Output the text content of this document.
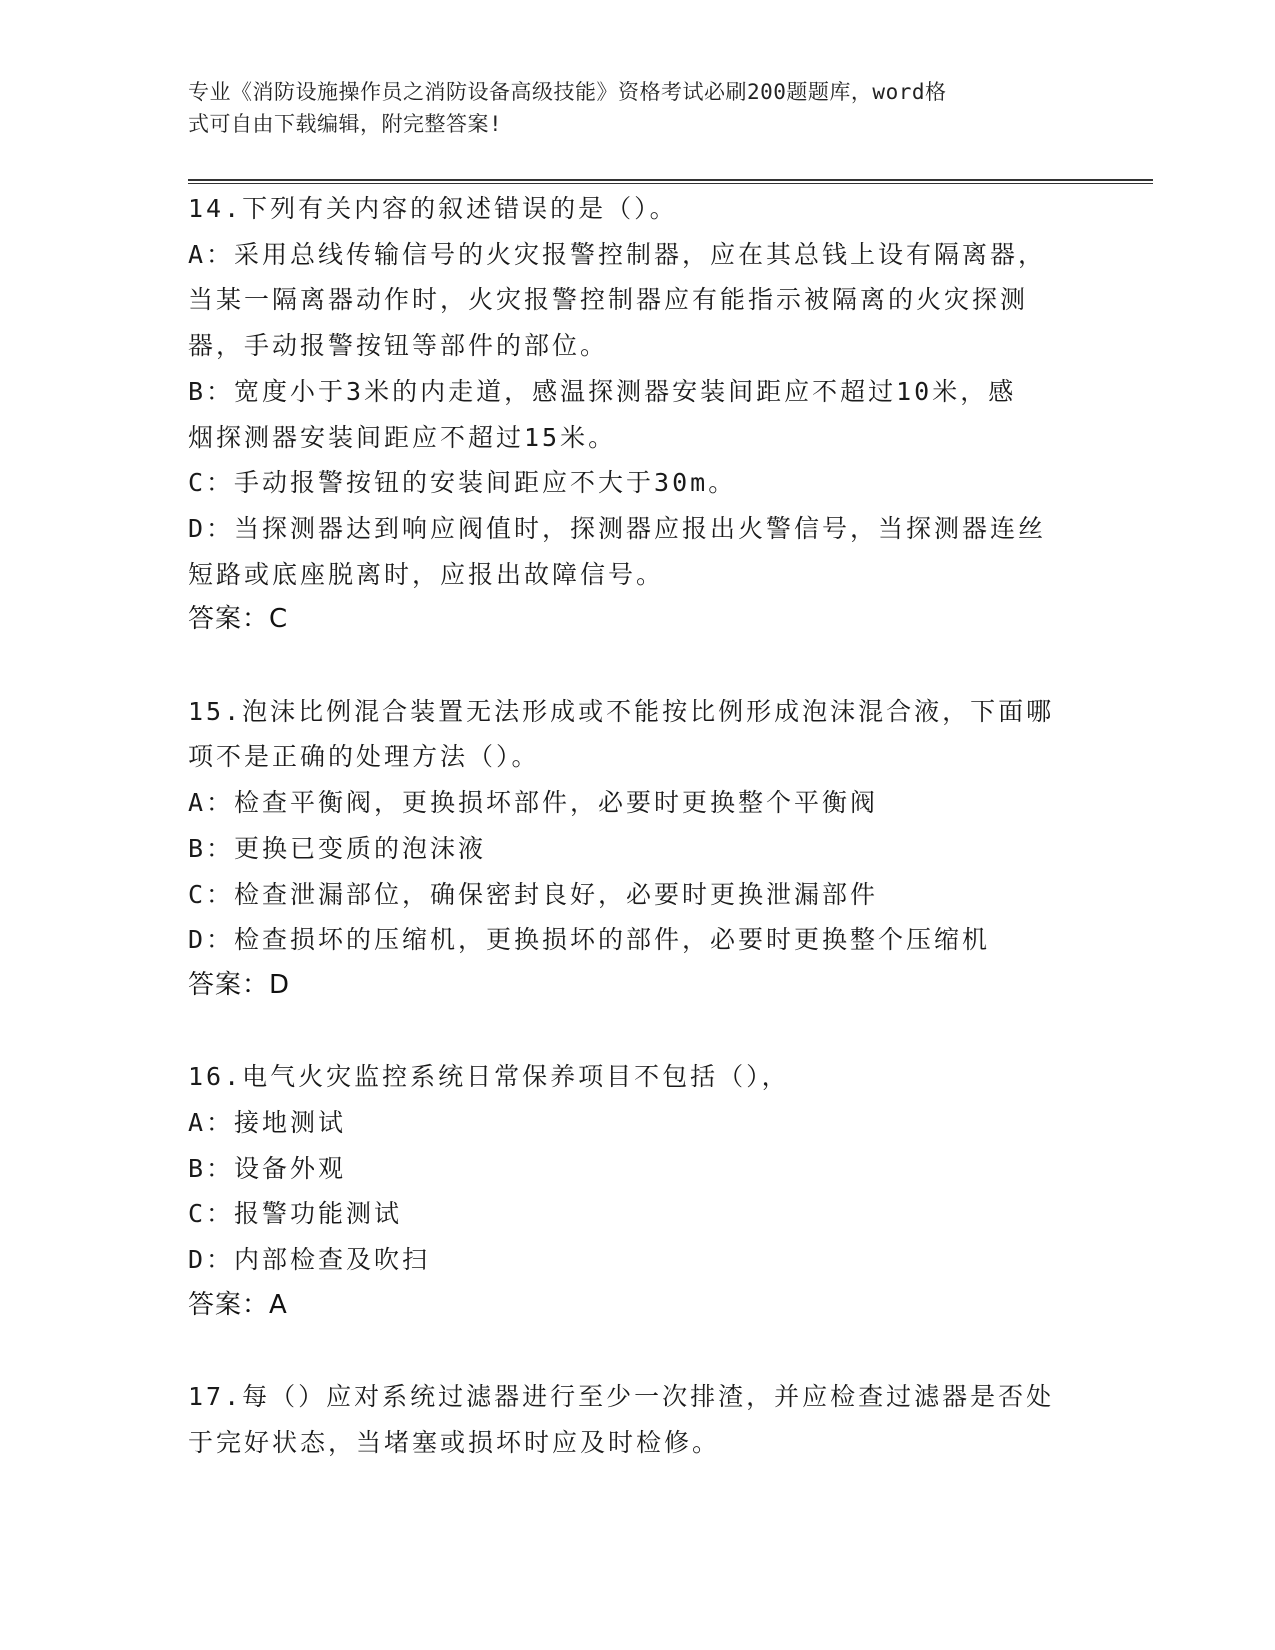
专业《消防设施操作员之消防设备高级技能》资格考试必刷200题题库，word格
式可自由下载编辑，附完整答案!
14.下列有关内容的叙述错误的是（）。
A：采用总线传输信号的火灾报警控制器，应在其总钱上设有隔离器，
当某一隔离器动作时，火灾报警控制器应有能指示被隔离的火灾探测
器，手动报警按钮等部件的部位。
B：宽度小于3米的内走道，感温探测器安装间距应不超过10米，感
烟探测器安装间距应不超过15米。
C：手动报警按钮的安装间距应不大于30m。
D：当探测器达到响应阀值时，探测器应报出火警信号，当探测器连丝
短路或底座脱离时，应报出故障信号。
答案：C
15.泡沫比例混合装置无法形成或不能按比例形成泡沫混合液，下面哪
项不是正确的处理方法（）。
A：检查平衡阀，更换损坏部件，必要时更换整个平衡阀
B：更换已变质的泡沫液
C：检查泄漏部位，确保密封良好，必要时更换泄漏部件
D：检查损坏的压缩机，更换损坏的部件，必要时更换整个压缩机
答案：D
16.电气火灾监控系统日常保养项目不包括（），
A：接地测试
B：设备外观
C：报警功能测试
D：内部检查及吹扫
答案：A
17.每（）应对系统过滤器进行至少一次排渣，并应检查过滤器是否处
于完好状态，当堵塞或损坏时应及时检修。
